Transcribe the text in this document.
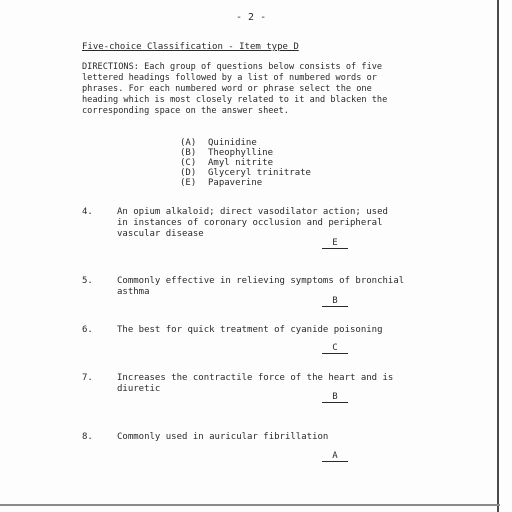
- 2 -
Five-choice Classification - Item type D
DIRECTIONS: Each group of questions below consists of five
lettered headings followed by a list of numbered words or
phrases. For each numbered word or phrase select the one
heading which is most closely related to it and blacken the
corresponding space on the answer sheet.
(A)	Quinidine
(B)	Theophylline
(C)	Amyl nitrite
(D)	Glyceryl trinitrate
(E)	Papaverine
4.	An opium alkaloid; direct vasodilator action; used
in instances of coronary occlusion and peripheral
vascular disease
E
5.	Commonly effective in relieving symptoms of bronchial
asthma
B
6.	The best for quick treatment of cyanide poisoning
C
7.	Increases the contractile force of the heart and is
diuretic
B
8.	Commonly used in auricular fibrillation
A
